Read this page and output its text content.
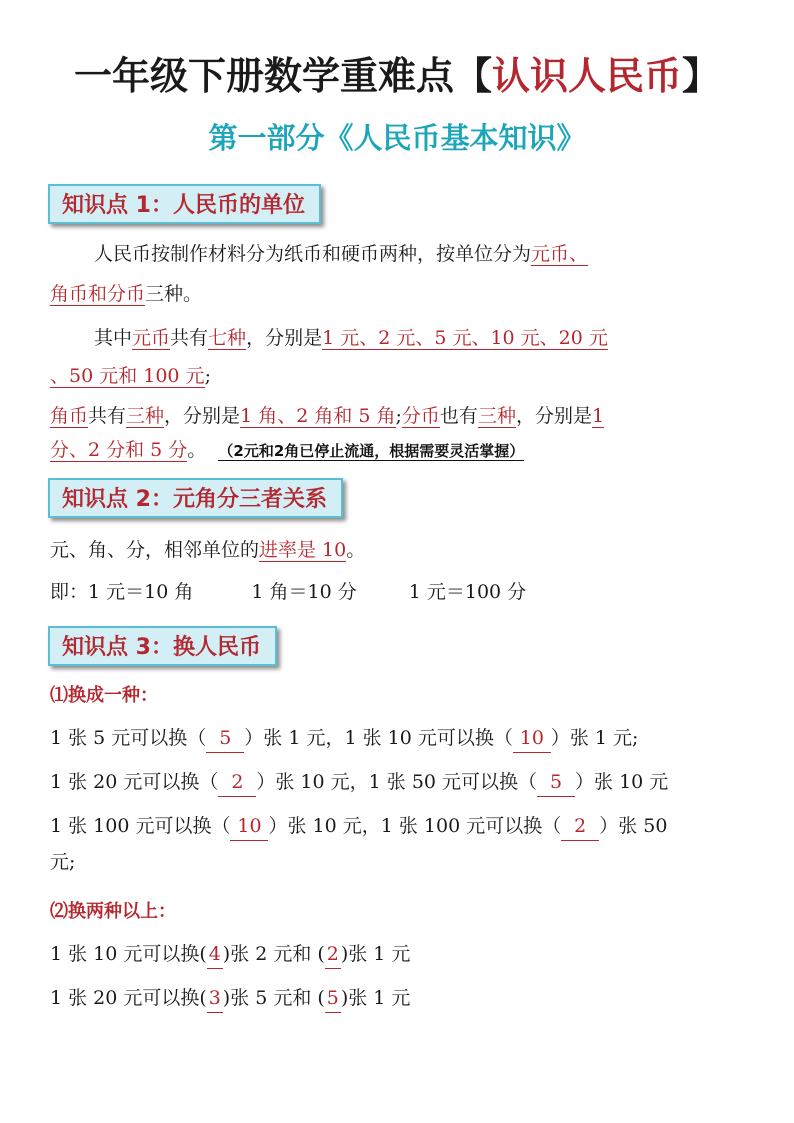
一年级下册数学重难点【认识人民币】
第一部分《人民币基本知识》
知识点 1：人民币的单位
人民币按制作材料分为纸币和硬币两种，按单位分为元币、
角币和分币三种。
其中元币共有七种，分别是1 元、2 元、5 元、10 元、20 元
、50 元和 100 元;
角币共有三种，分别是1 角、2 角和 5 角;分币也有三种，分别是1
分、2 分和 5 分。 （2元和2角已停止流通，根据需要灵活掌握）
知识点 2：元角分三者关系
元、角、分，相邻单位的进率是 10。
即：1 元＝10 角	1 角＝10 分	1 元＝100 分
知识点 3：换人民币
⑴换成一种：
1 张 5 元可以换（ 5 ）张 1 元，1 张 10 元可以换（ 10 ）张 1 元;
1 张 20 元可以换（ 2 ）张 10 元，1 张 50 元可以换（ 5 ）张 10 元
1 张 100 元可以换（ 10 ）张 10 元，1 张 100 元可以换（ 2 ）张 50
元;
⑵换两种以上：
1 张 10 元可以换( 4 )张 2 元和 ( 2 )张 1 元
1 张 20 元可以换( 3 )张 5 元和 ( 5 )张 1 元
